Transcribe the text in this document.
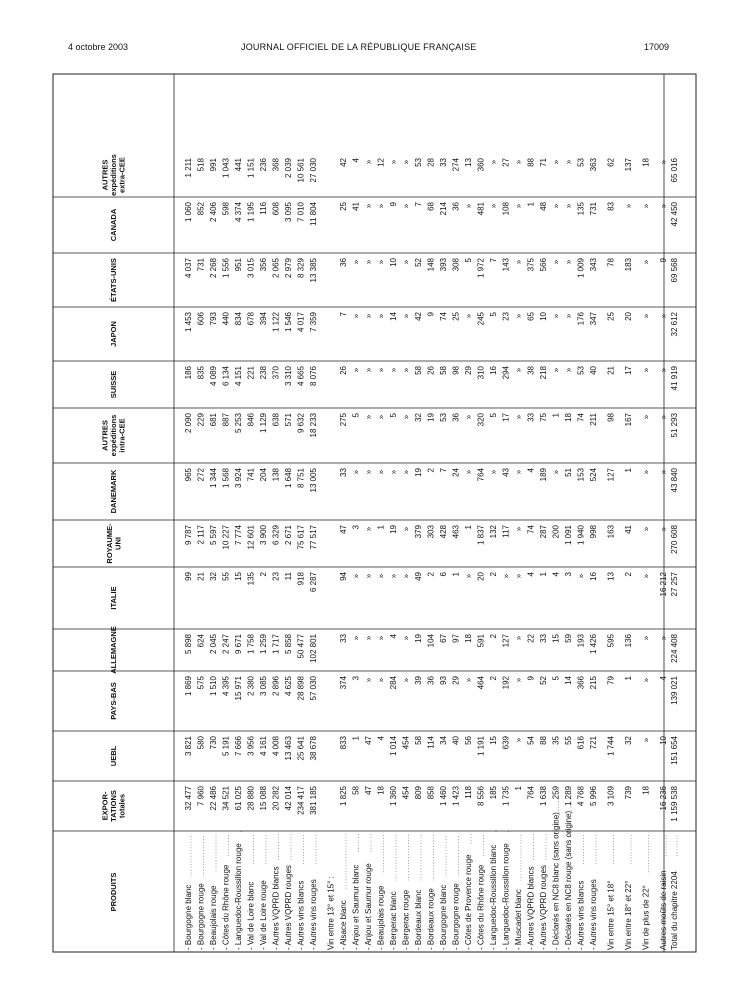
4 octobre 2003	JOURNAL OFFICIEL DE LA RÉPUBLIQUE FRANÇAISE	17009
PRODUITS
EXPOR-TATIONStotales
UEBL
PAYS-BAS
ALLEMAGNE
ITALIE
ROYAUME-UNI
DANEMARK
AUTRESexpéditionsintra-CEE
SUISSE
JAPON
ÉTATS-UNIS
CANADA
AUTRESexpéditionsextra-CEE
- Bourgogne blanc
32 477
3 821
1 869
5 898
99
9 787
965
2 090
186
1 453
4 037
1 060
1 211
- Bourgogne rouge
7 960
580
575
624
21
2 117
272
229
835
606
731
852
518
- Beaujolais rouge
22 486
730
1 510
2 045
32
5 597
1 344
681
4 089
793
2 268
2 406
991
- Côtes du Rhône rouge
34 521
5 191
4 395
2 247
55
10 227
1 568
887
6 134
440
1 556
598
1 043
- Languedoc-Roussillon rouge
61 025
7 666
15 971
9 671
15
7 774
3 924
5 253
4 151
834
951
4 374
441
- Val de Loire blanc
28 880
3 956
2 380
1 758
135
12 601
741
846
221
678
3 015
1 195
1 151
- Val de Loire rouge
15 088
4 161
3 085
1 259
2
3 900
204
1 129
238
394
356
116
236
- Autres VQPRD blancs
20 282
4 008
2 896
1 717
23
6 329
138
638
370
1 122
2 065
608
368
- Autres VQPRD rouges
42 014
13 463
4 625
5 858
11
2 671
1 648
571
3 310
1 546
2 979
3 095
2 039
- Autres vins blancs
234 417
25 641
28 898
50 477
918
75 617
8 751
9 632
4 665
4 017
8 329
7 010
10 561
- Autres vins rouges
381 185
38 678
57 030
102 801
6 287
77 517
13 005
18 233
8 076
7 359
13 385
11 804
27 030
Vin entre 13° et 15° : - Alsace blanc
1 825
833
374
33
94
47
33
275
26
7
36
25
42
- Anjou et Saumur blanc
58
1
3
»
»
3
»
5
»
»
»
41
4
- Anjou et Saumur rouge
47
47
»
»
»
»
»
»
»
»
»
»
»
- Beaujolais rouge
18
4
»
»
»
1
»
»
»
»
»
»
12
- Bergerac blanc
1 360
1 014
284
4
»
19
»
5
»
14
10
9
»
- Bergerac rouge
454
454
»
»
»
»
»
»
»
»
»
»
»
- Bordeaux blanc
809
58
39
19
49
379
19
32
58
42
52
7
53
- Bordeaux rouge
858
114
36
104
2
303
2
19
26
9
148
68
28
- Bourgogne blanc
1 460
34
93
67
6
428
7
53
58
74
393
214
33
- Bourgogne rouge
1 423
40
29
97
1
463
24
36
98
25
308
36
274
- Côtes de Provence rouge
118
56
»
18
»
1
»
»
29
»
5
»
13
- Côtes du Rhône rouge
8 556
1 191
464
591
20
1 837
764
320
310
245
1 972
481
360
- Languedoc-Roussillon blanc
185
15
2
2
2
132
»
5
16
5
7
»
»
- Languedoc-Roussillon rouge
1 735
639
192
127
»
117
43
17
294
23
143
108
27
- Muscadet blanc
1
»
»
»
»
»
»
»
»
»
»
»
»
- Autres VQPRD blancs
764
54
9
22
4
74
4
33
38
65
375
1
88
- Autres VQPRD rouges
1 638
88
52
33
1
287
189
75
218
10
566
48
71
- Déclarés en NC8 blanc (sans origine)
259
35
5
15
4
200
»
1
»
»
»
»
»
- Déclarés en NC8 rouge (sans origine)
1 289
55
14
59
3
1 091
51
18
»
»
»
»
»
- Autres vins blancs
4 768
616
366
193
»
1 940
153
74
53
176
1 009
135
53
- Autres vins rouges
5 996
721
215
1 426
16
998
524
211
40
347
343
731
363
Vin entre 15° et 18°
3 109
1 744
79
595
13
163
127
98
21
25
78
83
62
Vin entre 18° et 22°
739
32
1
136
2
41
1
167
17
20
183
»
137
Vin de plus de 22°
18
»
»
»
»
»
»
»
»
»
»
»
18
Autres moûts de raisin
16 236
10
4
»
16 212
»
»
»
»
»
9
»
»
Total du chapitre 2204
1 159 538
151 654
139 021
224 408
27 257
270 608
43 840
51 293
41 919
32 612
69 568
42 450
65 016
